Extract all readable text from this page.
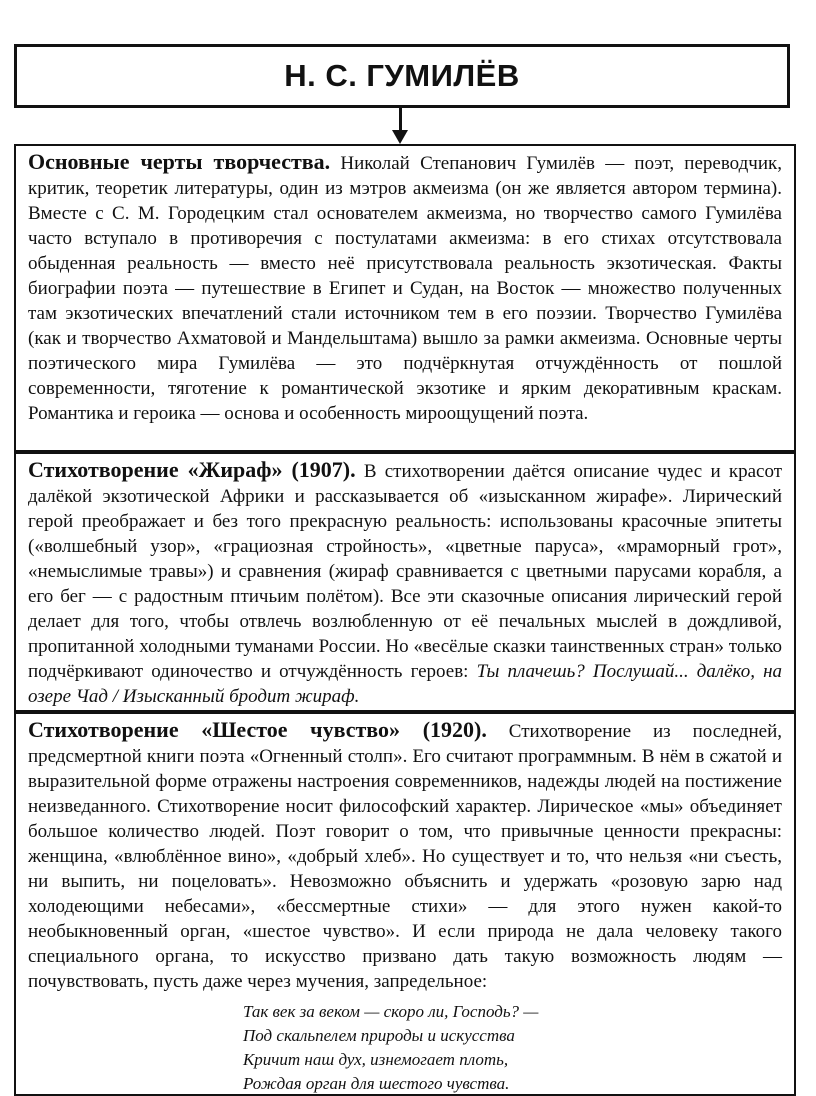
Н. С. ГУМИЛЁВ

Основные черты творчества. Николай Степанович Гумилёв — поэт, переводчик, критик, теоретик литературы, один из мэтров акмеизма (он же является автором термина). Вместе с С. М. Городецким стал основателем акмеизма, но творчество самого Гумилёва часто вступало в противоречия с постулатами акмеизма: в его стихах отсутствовала обыденная реальность — вместо неё присутствовала реальность экзотическая. Факты биографии поэта — путешествие в Египет и Судан, на Восток — множество полученных там экзотических впечатлений стали источником тем в его поэзии. Творчество Гумилёва (как и творчество Ахматовой и Мандельштама) вышло за рамки акмеизма. Основные черты поэтического мира Гумилёва — это подчёркнутая отчуждённость от пошлой современности, тяготение к романтической экзотике и ярким декоративным краскам. Романтика и героика — основа и особенность мироощущений поэта.

Стихотворение «Жираф» (1907). В стихотворении даётся описание чудес и красот далёкой экзотической Африки и рассказывается об «изысканном жирафе». Лирический герой преображает и без того прекрасную реальность: использованы красочные эпитеты («волшебный узор», «грациозная стройность», «цветные паруса», «мраморный грот», «немыслимые травы») и сравнения (жираф сравнивается с цветными парусами корабля, а его бег — с радостным птичьим полётом). Все эти сказочные описания лирический герой делает для того, чтобы отвлечь возлюбленную от её печальных мыслей в дождливой, пропитанной холодными туманами России. Но «весёлые сказки таинственных стран» только подчёркивают одиночество и отчуждённость героев: Ты плачешь? Послушай... далёко, на озере Чад / Изысканный бродит жираф.

Стихотворение «Шестое чувство» (1920). Стихотворение из последней, предсмертной книги поэта «Огненный столп». Его считают программным. В нём в сжатой и выразительной форме отражены настроения современников, надежды людей на постижение неизведанного. Стихотворение носит философский характер. Лирическое «мы» объединяет большое количество людей. Поэт говорит о том, что привычные ценности прекрасны: женщина, «влюблённое вино», «добрый хлеб». Но существует и то, что нельзя «ни съесть, ни выпить, ни поцеловать». Невозможно объяснить и удержать «розовую зарю над холодеющими небесами», «бессмертные стихи» — для этого нужен какой-то необыкновенный орган, «шестое чувство». И если природа не дала человеку такого специального органа, то искусство призвано дать такую возможность людям — почувствовать, пусть даже через мучения, запредельное:

Так век за веком — скоро ли, Господь? —
Под скальпелем природы и искусства
Кричит наш дух, изнемогает плоть,
Рождая орган для шестого чувства.
